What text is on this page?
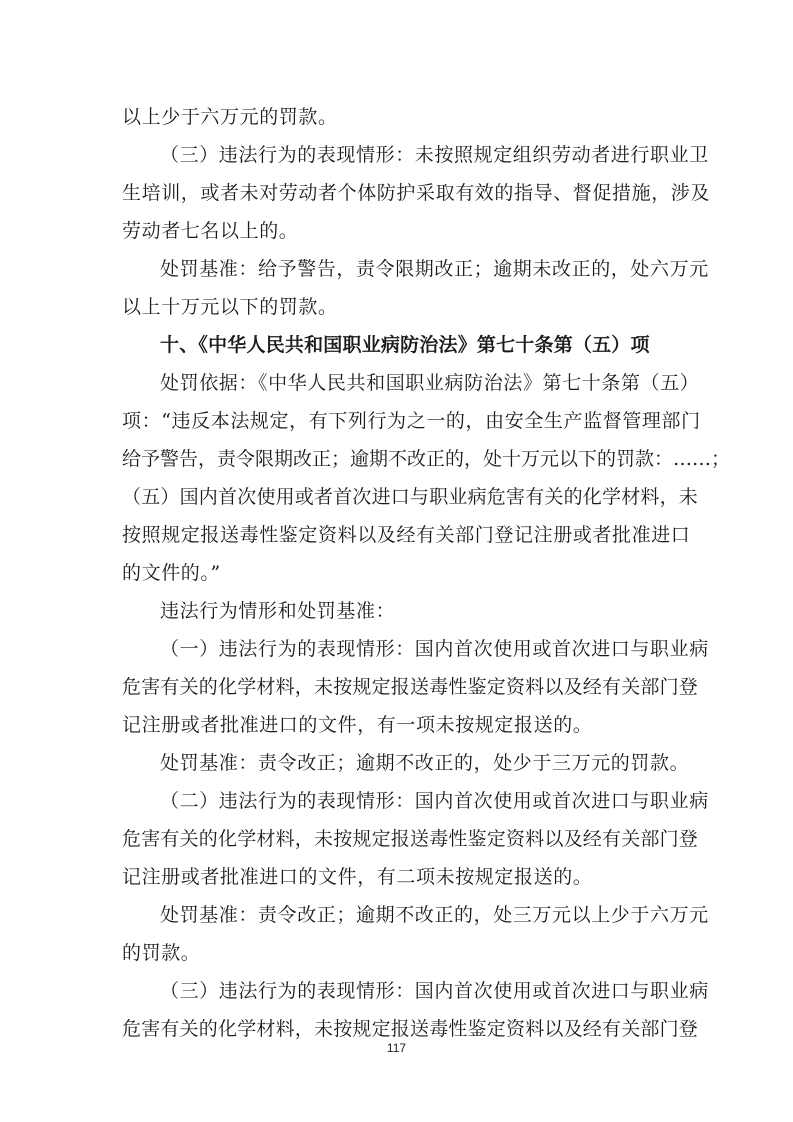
以上少于六万元的罚款。
（三）违法行为的表现情形：未按照规定组织劳动者进行职业卫
生培训，或者未对劳动者个体防护采取有效的指导、督促措施，涉及
劳动者七名以上的。
处罚基准：给予警告，责令限期改正；逾期未改正的，处六万元
以上十万元以下的罚款。
十、《中华人民共和国职业病防治法》第七十条第（五）项
处罚依据：《中华人民共和国职业病防治法》第七十条第（五）
项：“违反本法规定，有下列行为之一的，由安全生产监督管理部门
给予警告，责令限期改正；逾期不改正的，处十万元以下的罚款：……；
（五）国内首次使用或者首次进口与职业病危害有关的化学材料，未
按照规定报送毒性鉴定资料以及经有关部门登记注册或者批准进口
的文件的。”
违法行为情形和处罚基准：
（一）违法行为的表现情形：国内首次使用或首次进口与职业病
危害有关的化学材料，未按规定报送毒性鉴定资料以及经有关部门登
记注册或者批准进口的文件，有一项未按规定报送的。
处罚基准：责令改正；逾期不改正的，处少于三万元的罚款。
（二）违法行为的表现情形：国内首次使用或首次进口与职业病
危害有关的化学材料，未按规定报送毒性鉴定资料以及经有关部门登
记注册或者批准进口的文件，有二项未按规定报送的。
处罚基准：责令改正；逾期不改正的，处三万元以上少于六万元
的罚款。
（三）违法行为的表现情形：国内首次使用或首次进口与职业病
危害有关的化学材料，未按规定报送毒性鉴定资料以及经有关部门登
117
